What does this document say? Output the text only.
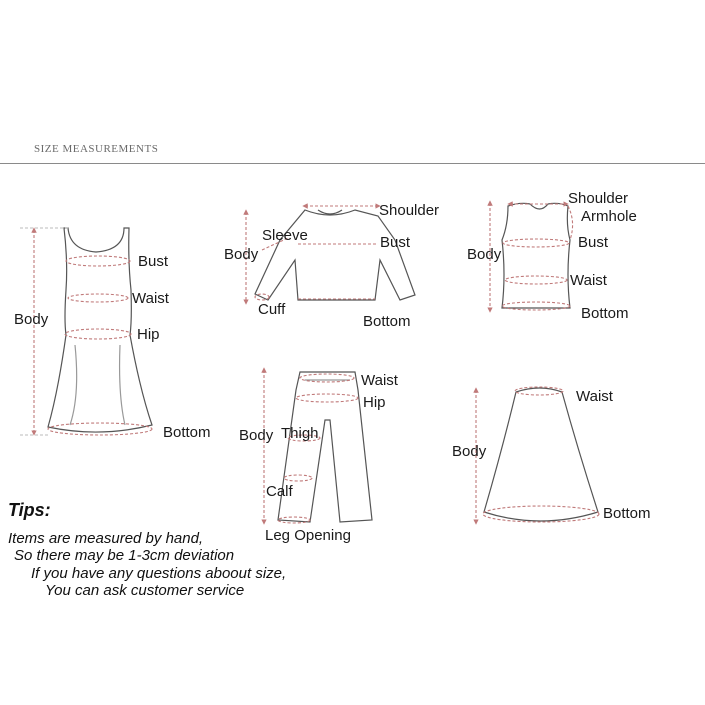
SIZE MEASUREMENTS
Bust
Waist
Hip
Body
Bottom
Shoulder
Sleeve
Body
Bust
Cuff
Bottom
Shoulder
Armhole
Body
Bust
Waist
Bottom
Waist
Hip
Body Thigh
Calf
Leg Opening
Waist
Body
Bottom
Tips:
Items are measured by hand,
So there may be 1-3cm deviation
If you have any questions aboout size,
You can ask customer service
